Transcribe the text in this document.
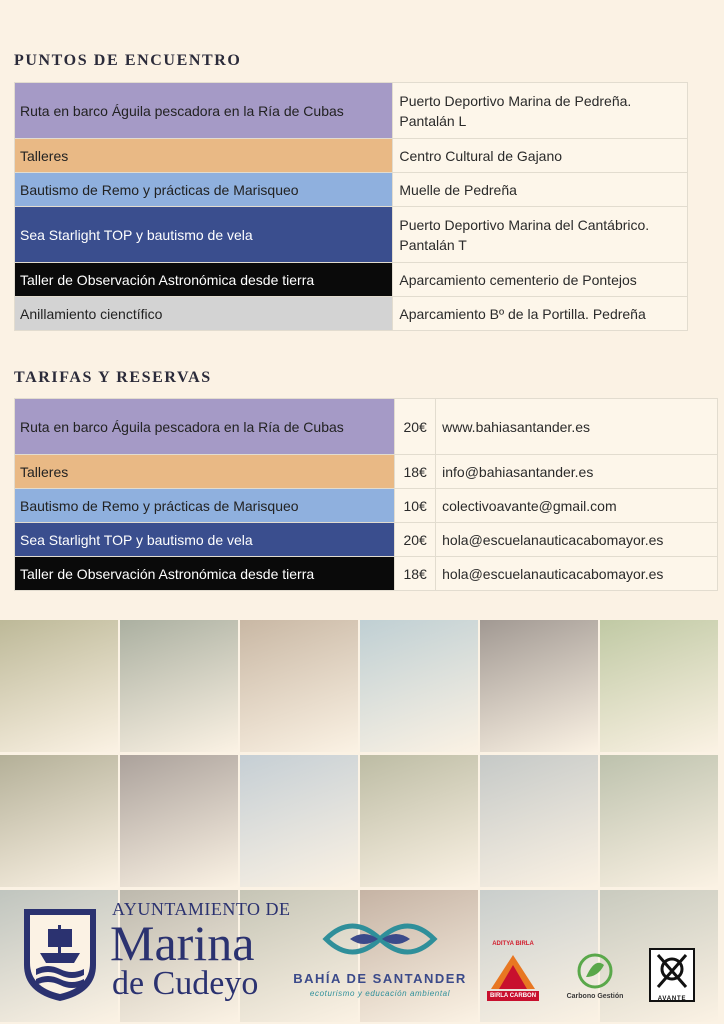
PUNTOS DE ENCUENTRO
Ruta en barco Águila pescadora en la Ría de Cubas	Puerto Deportivo Marina de Pedreña. Pantalán L
Talleres	Centro Cultural de Gajano
Bautismo de Remo y prácticas de Marisqueo	Muelle de Pedreña
Sea Starlight TOP y bautismo de vela	Puerto Deportivo Marina del Cantábrico. Pantalán T
Taller de Observación Astronómica desde tierra	Aparcamiento cementerio de Pontejos
Anillamiento cienctífico	Aparcamiento Bº de la Portilla. Pedreña
TARIFAS Y RESERVAS
Ruta en barco Águila pescadora en la Ría de Cubas	20€	www.bahiasantander.es
Talleres	18€	info@bahiasantander.es
Bautismo de Remo y prácticas de Marisqueo	10€	colectivoavante@gmail.com
Sea Starlight TOP y bautismo de vela	20€	hola@escuelanauticacabomayor.es
Taller de Observación Astronómica desde tierra	18€	hola@escuelanauticacabomayor.es
AYUNTAMIENTO DE
Marina
de Cudeyo	BAHÍA DE SANTANDER
ecoturismo y educación ambiental
ADITYA BIRLA
BIRLA CARBON	Carbono Gestión	AVANTE
